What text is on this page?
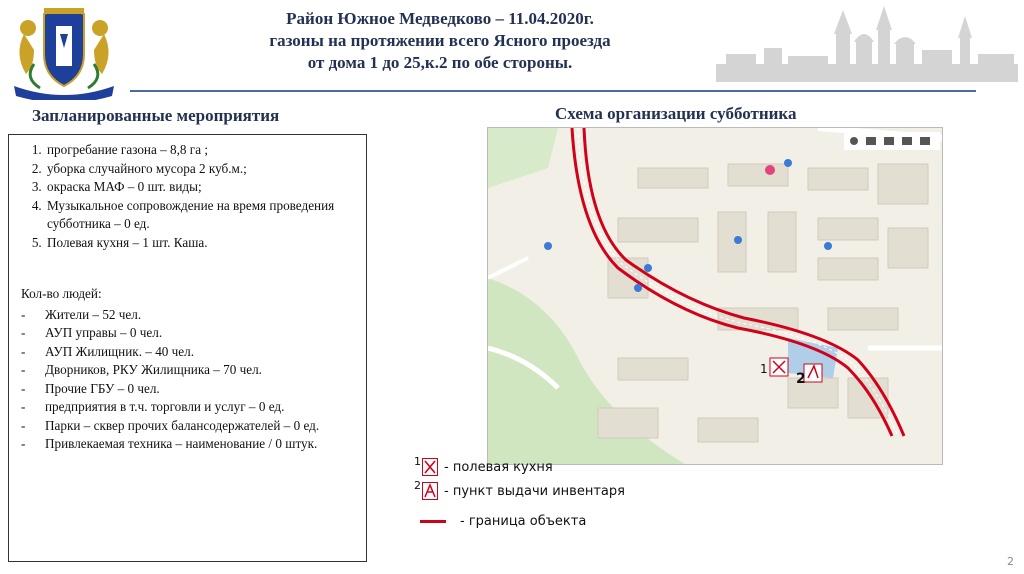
Район Южное Медведково – 11.04.2020г.
газоны на протяжении всего Ясного проезда
от дома 1 до 25,к.2 по обе стороны.
Запланированные мероприятия	Схема организации субботника
1. прогребание газона – 8,8 га ;
2. уборка случайного мусора 2 куб.м.;
3. окраска МАФ – 0 шт. виды;
4. Музыкальное сопровождение на время проведения субботника – 0 ед.
5. Полевая кухня – 1 шт. Каша.
Кол-во людей:
- Жители – 52 чел.
- АУП управы – 0 чел.
- АУП Жилищник. – 40 чел.
- Дворников, РКУ Жилищника – 70 чел.
- Прочие ГБУ – 0 чел.
- предприятия в т.ч. торговли и услуг – 0 ед.
- Парки – сквер прочих балансодержателей – 0 ед.
- Привлекаемая техника – наименование / 0 штук.
1
2
1 - полевая кухня
2 - пункт выдачи инвентаря
- граница объекта
2
